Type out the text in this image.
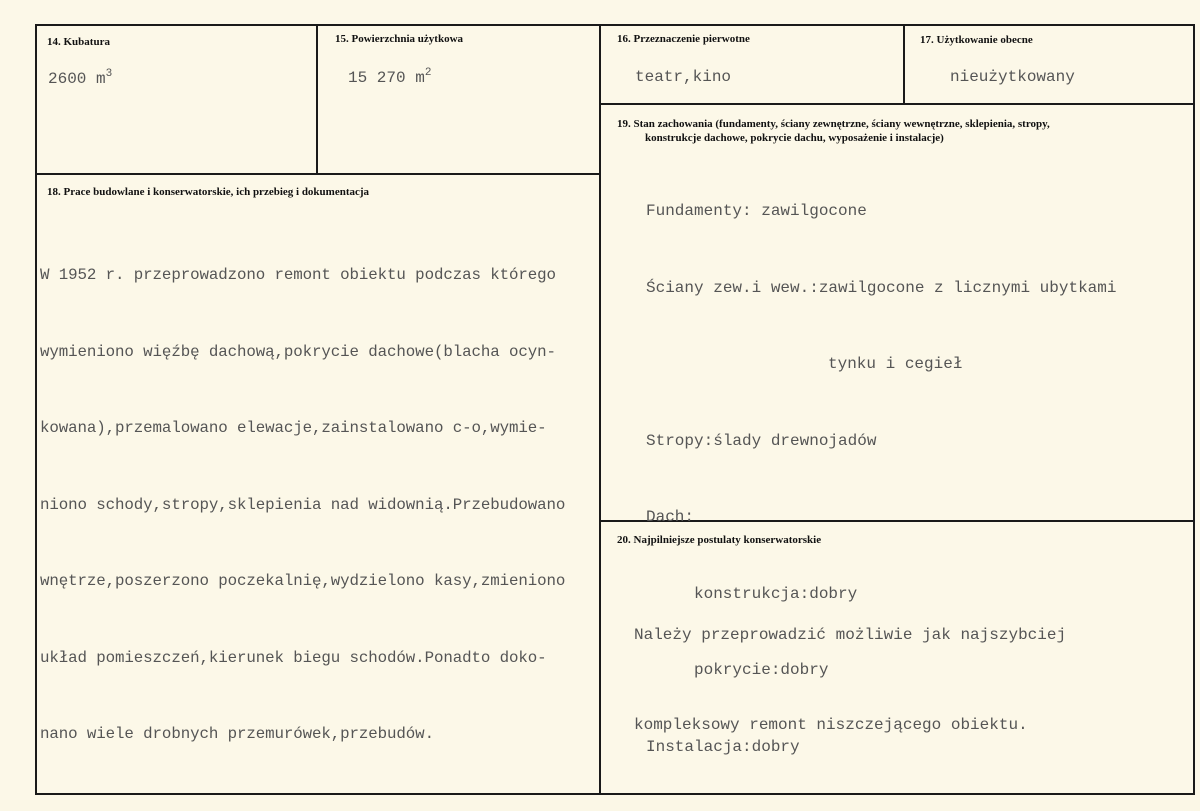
14. Kubatura
2600 $m^3$
15. Powierzchnia użytkowa
15 270 $m^2$
16. Przeznaczenie pierwotne
teatr,kino
17. Użytkowanie obecne
nieużytkowany
19. Stan zachowania (fundamenty, ściany zewnętrzne, ściany wewnętrzne, sklepienia, stropy,
konstrukcje dachowe, pokrycie dachu, wyposażenie i instalacje)

Fundamenty: zawilgocone

Ściany zew.i wew.:zawilgocone z licznymi ubytkami

tynku i cegieł

Stropy:ślady drewnojadów

Dach:

konstrukcja:dobry

pokrycie:dobry

Instalacja:dobry

18. Prace budowlane i konserwatorskie, ich przebieg i dokumentacja

W 1952 r. przeprowadzono remont obiektu podczas którego

wymieniono więźbę dachową,pokrycie dachowe(blacha ocyn-

kowana),przemalowano elewacje,zainstalowano c-o,wymie-

niono schody,stropy,sklepienia nad widownią.Przebudowano

wnętrze,poszerzono poczekalnię,wydzielono kasy,zmieniono

układ pomieszczeń,kierunek biegu schodów.Ponadto doko-

nano wiele drobnych przemurówek,przebudów.

20. Najpilniejsze postulaty konserwatorskie

Należy przeprowadzić możliwie jak najszybciej

kompleksowy remont niszczejącego obiektu.
